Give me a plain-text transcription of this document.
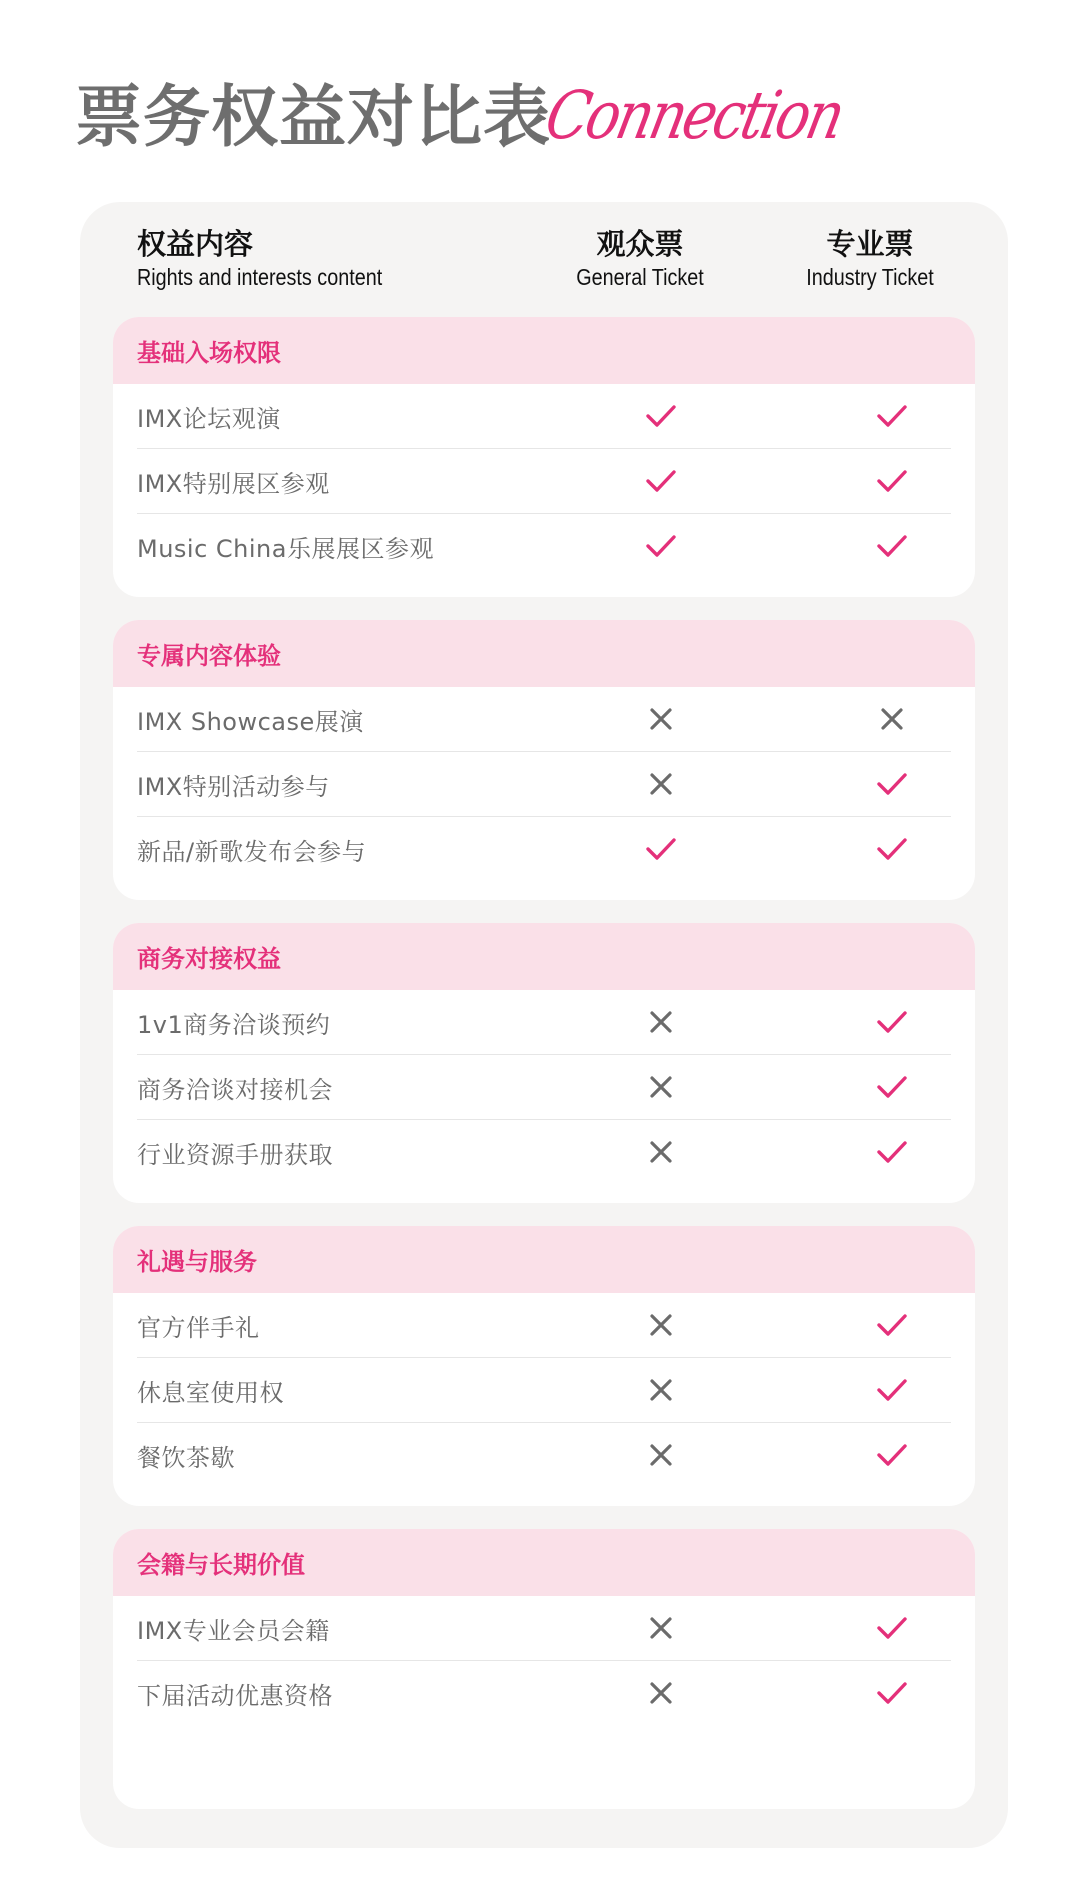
票务权益对比表
Connection
权益内容
Rights and interests content
观众票
General Ticket
专业票
Industry Ticket
基础入场权限
IMX论坛观演
IMX特别展区参观
Music China乐展展区参观
专属内容体验
IMX Showcase展演
IMX特别活动参与
新品/新歌发布会参与
商务对接权益
1v1商务洽谈预约
商务洽谈对接机会
行业资源手册获取
礼遇与服务
官方伴手礼
休息室使用权
餐饮茶歇
会籍与长期价值
IMX专业会员会籍
下届活动优惠资格
